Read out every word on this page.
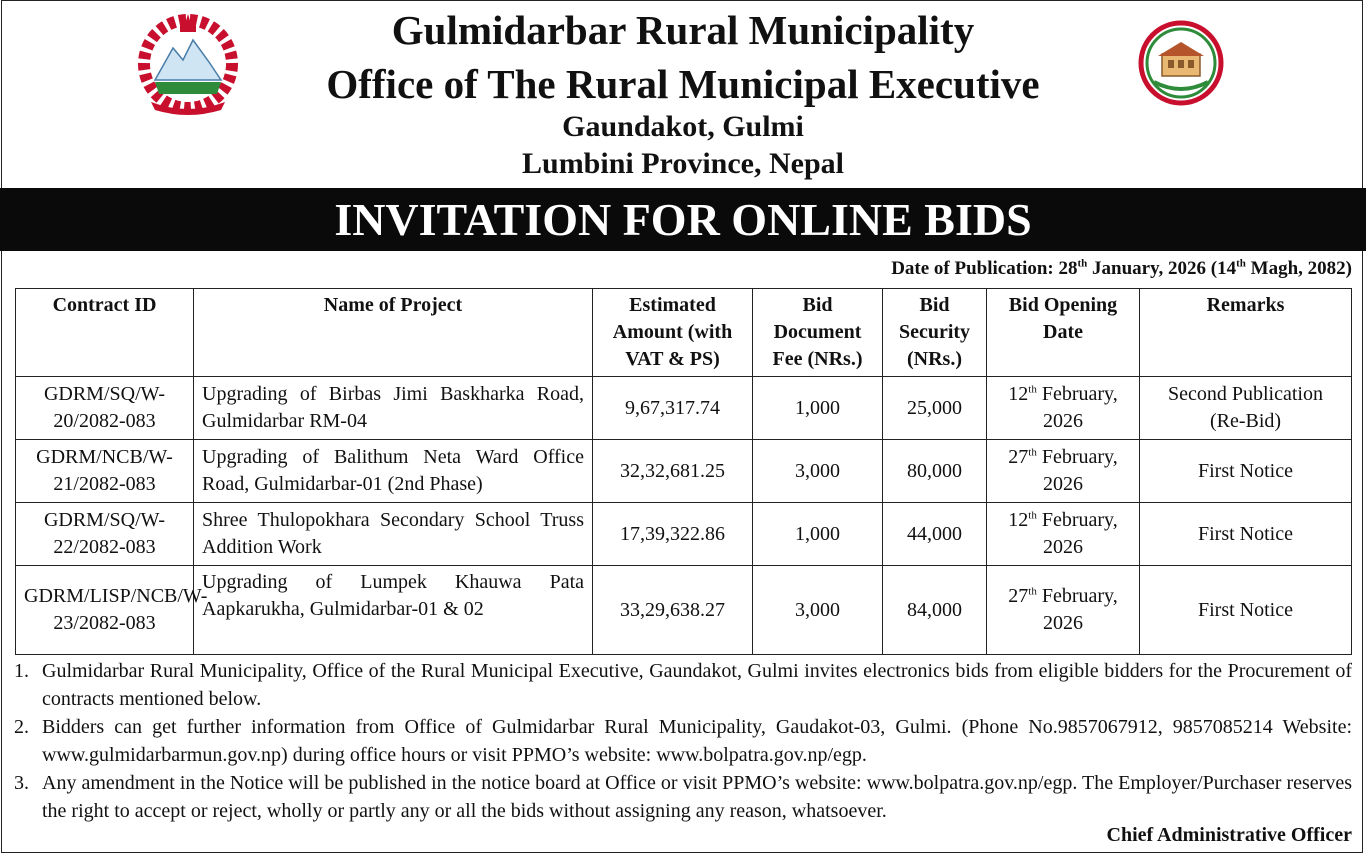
Gulmidarbar Rural Municipality
Office of The Rural Municipal Executive
Gaundakot, Gulmi
Lumbini Province, Nepal
INVITATION FOR ONLINE BIDS
Date of Publication: 28th January, 2026 (14th Magh, 2082)
Contract ID	Name of Project	Estimated Amount (with VAT & PS)	Bid Document Fee (NRs.)	Bid Security (NRs.)	Bid Opening Date	Remarks
GDRM/SQ/W-20/2082-083	Upgrading of Birbas Jimi Baskharka Road, Gulmidarbar RM-04	9,67,317.74	1,000	25,000	12th February, 2026	Second Publication (Re-Bid)
GDRM/NCB/W-21/2082-083	Upgrading of Balithum Neta Ward Office Road, Gulmidarbar-01 (2nd Phase)	32,32,681.25	3,000	80,000	27th February, 2026	First Notice
GDRM/SQ/W-22/2082-083	Shree Thulopokhara Secondary School Truss Addition Work	17,39,322.86	1,000	44,000	12th February, 2026	First Notice
GDRM/LISP/NCB/W-23/2082-083	Upgrading of Lumpek Khauwa Pata Aapkarukha, Gulmidarbar-01 & 02	33,29,638.27	3,000	84,000	27th February, 2026	First Notice
1. Gulmidarbar Rural Municipality, Office of the Rural Municipal Executive, Gaundakot, Gulmi invites electronics bids from eligible bidders for the Procurement of contracts mentioned below.
2. Bidders can get further information from Office of Gulmidarbar Rural Municipality, Gaudakot-03, Gulmi. (Phone No.9857067912, 9857085214 Website: www.gulmidarbarmun.gov.np) during office hours or visit PPMO’s website: www.bolpatra.gov.np/egp.
3. Any amendment in the Notice will be published in the notice board at Office or visit PPMO’s website: www.bolpatra.gov.np/egp. The Employer/Purchaser reserves the right to accept or reject, wholly or partly any or all the bids without assigning any reason, whatsoever.
Chief Administrative Officer
